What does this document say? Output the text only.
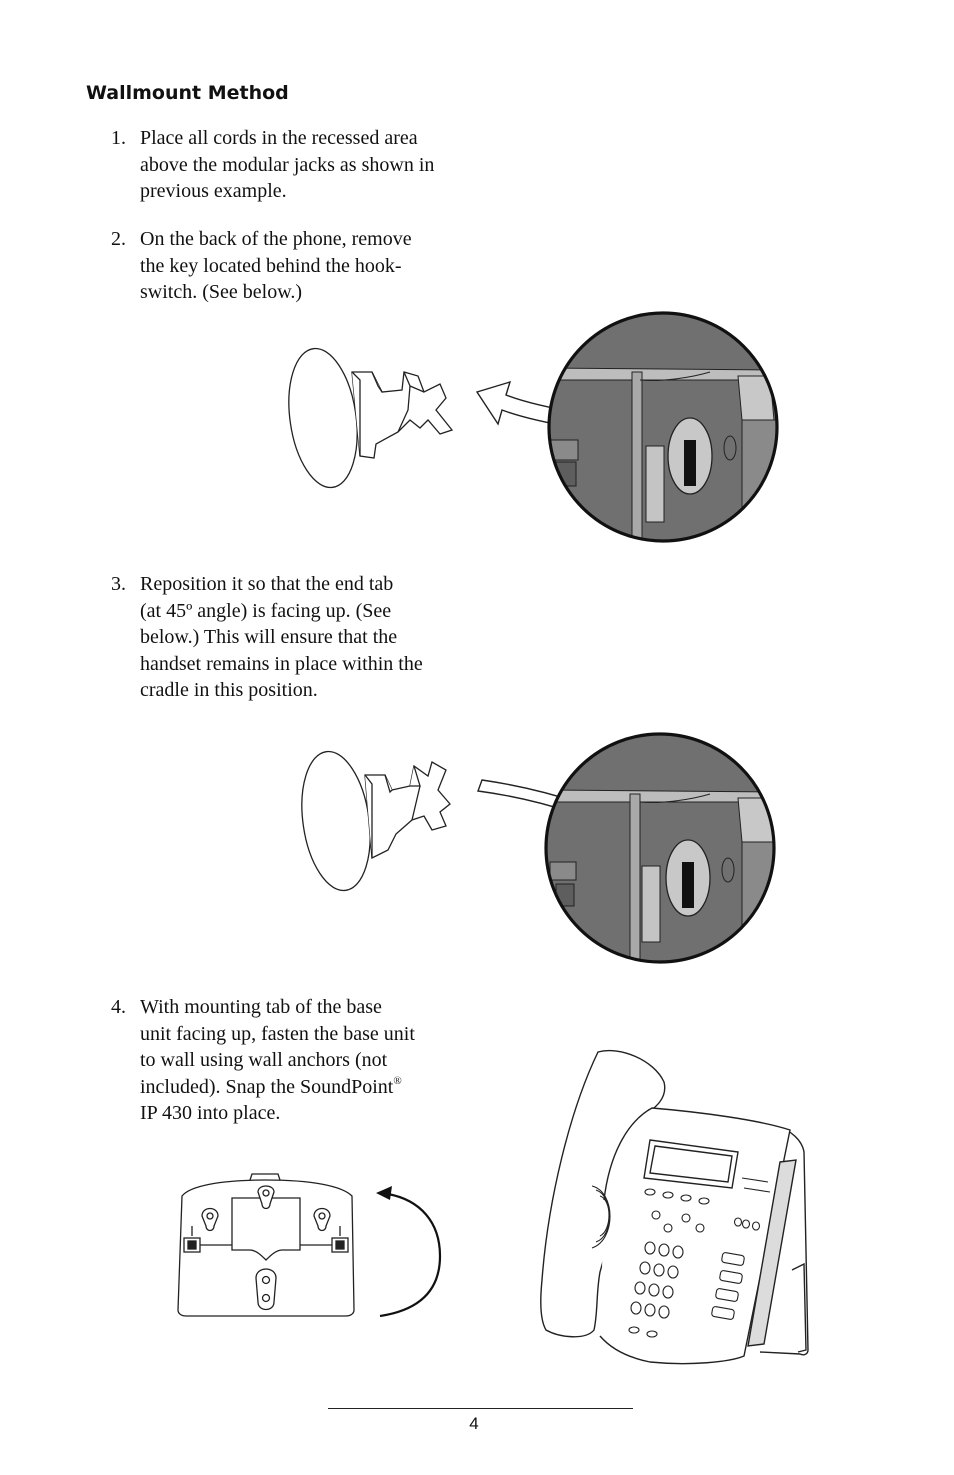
Wallmount Method
1. Place all cords in the recessed area
above the modular jacks as shown in
previous example.
2. On the back of the phone, remove
the key located behind the hook-
switch. (See below.)
3. Reposition it so that the end tab
(at 45º angle) is facing up. (See
below.) This will ensure that the
handset remains in place within the
cradle in this position.
4. With mounting tab of the base
unit facing up, fasten the base unit
to wall using wall anchors (not
included). Snap the SoundPoint®
IP 430 into place.
4
